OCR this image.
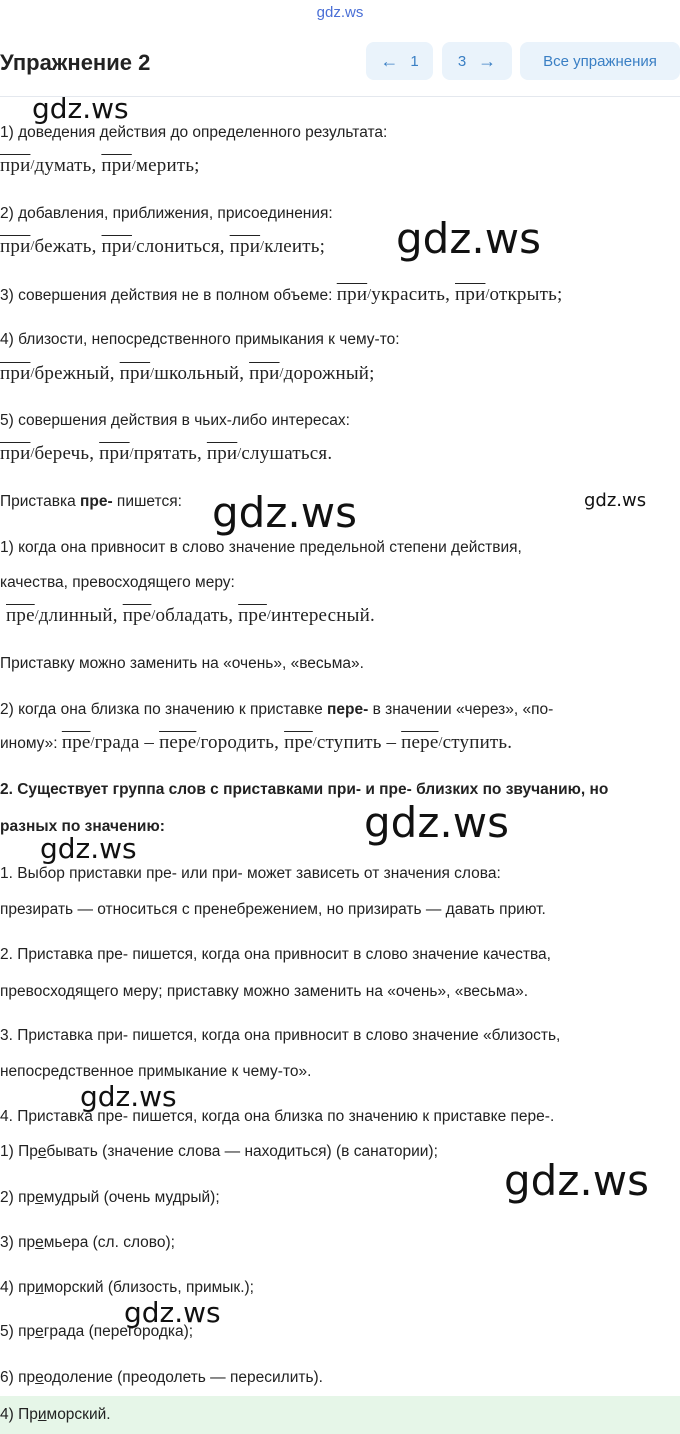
gdz.ws
Упражнение 2	← 1	3 →	Все упражнения
1) доведения действия до определенного результата:
при/думать, при/мерить;
2) добавления, приближения, присоединения:
при/бежать, при/слониться, при/клеить;
3) совершения действия не в полном объеме: при/украсить, при/открыть;
4) близости, непосредственного примыкания к чему-то:
при/брежный, при/школьный, при/дорожный;
5) совершения действия в чьих-либо интересах:
при/беречь, при/прятать, при/слушаться.
Приставка пре- пишется:
1) когда она привносит в слово значение предельной степени действия,
качества, превосходящего меру:
пре/длинный, пре/обладать, пре/интересный.
Приставку можно заменить на «очень», «весьма».
2) когда она близка по значению к приставке пере- в значении «через», «по-
иному»: пре/града – пере/городить, пре/ступить – пере/ступить.
2. Существует группа слов с приставками при- и пре- близких по звучанию, но
разных по значению:
1. Выбор приставки пре- или при- может зависеть от значения слова:
презирать — относиться с пренебрежением, но призирать — давать приют.
2. Приставка пре- пишется, когда она привносит в слово значение качества,
превосходящего меру; приставку можно заменить на «очень», «весьма».
3. Приставка при- пишется, когда она привносит в слово значение «близость,
непосредственное примыкание к чему-то».
4. Приставка пре- пишется, когда она близка по значению к приставке пере-.
1) Пребывать (значение слова — находиться) (в санатории);
2) премудрый (очень мудрый);
3) премьера (сл. слово);
4) приморский (близость, примык.);
5) преграда (перегородка);
6) преодоление (преодолеть — пересилить).
4) Приморский.
gdz.ws
gdz.ws
gdz.ws
gdz.ws
gdz.ws
gdz.ws
gdz.ws
gdz.ws
gdz.ws
